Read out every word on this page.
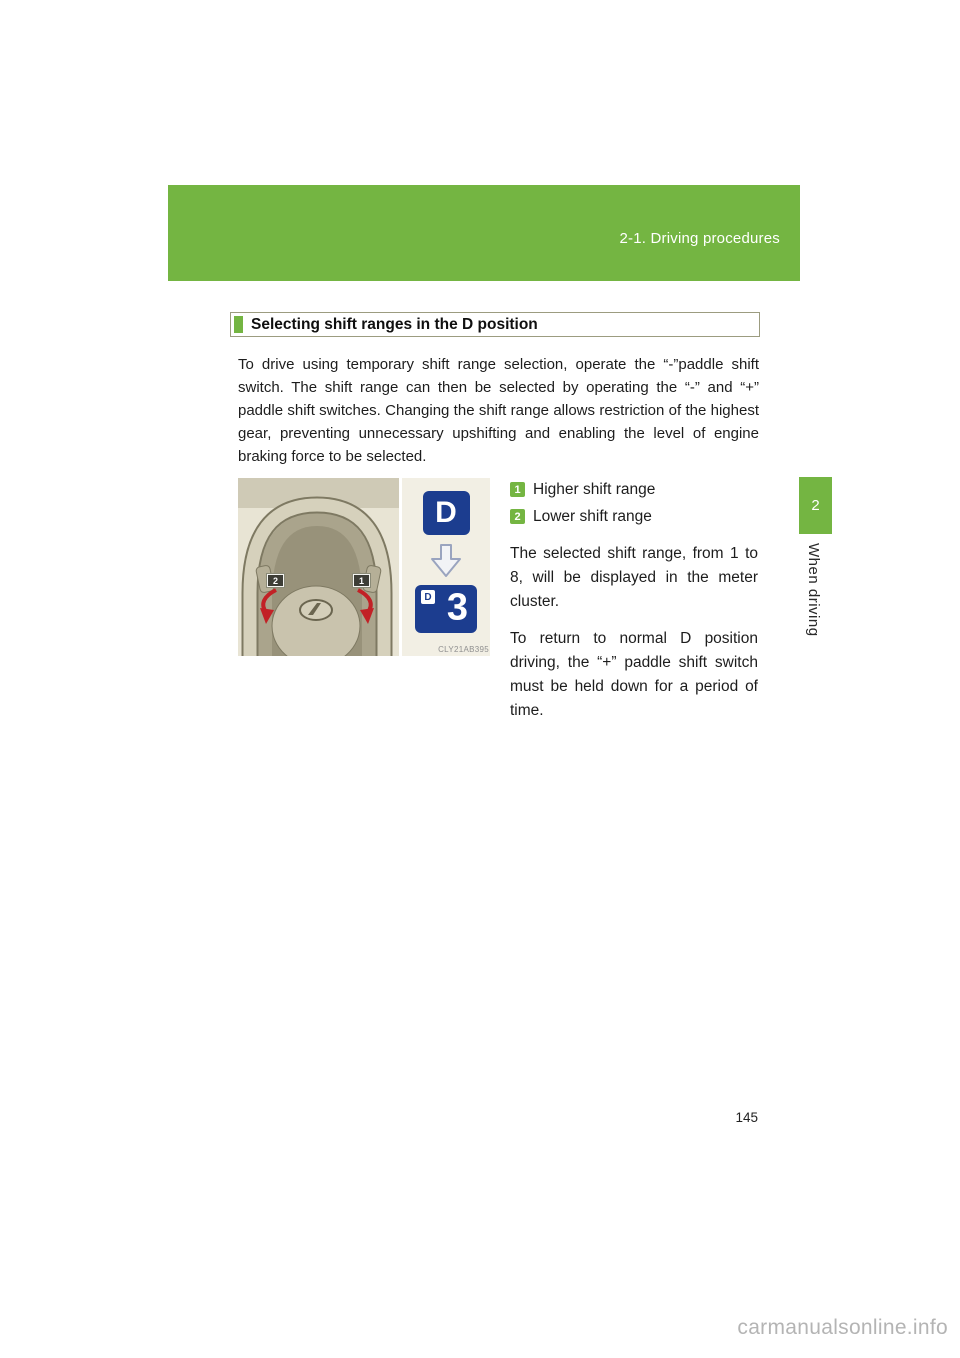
2-1. Driving procedures
Selecting shift ranges in the D position

To drive using temporary shift range selection, operate the “-”paddle shift switch. The shift range can then be selected by operating the “-” and “+” paddle shift switches. Changing the shift range allows restriction of the highest gear, preventing unnecessary upshifting and enabling the level of engine braking force to be selected.

2	1
D
D 3
CLY21AB395
1 Higher shift range
2 Lower shift range

The selected shift range, from 1 to 8, will be displayed in the meter cluster.

To return to normal D position driving, the “+” paddle shift switch must be held down for a period of time.

2
When driving
145
carmanualsonline.info
